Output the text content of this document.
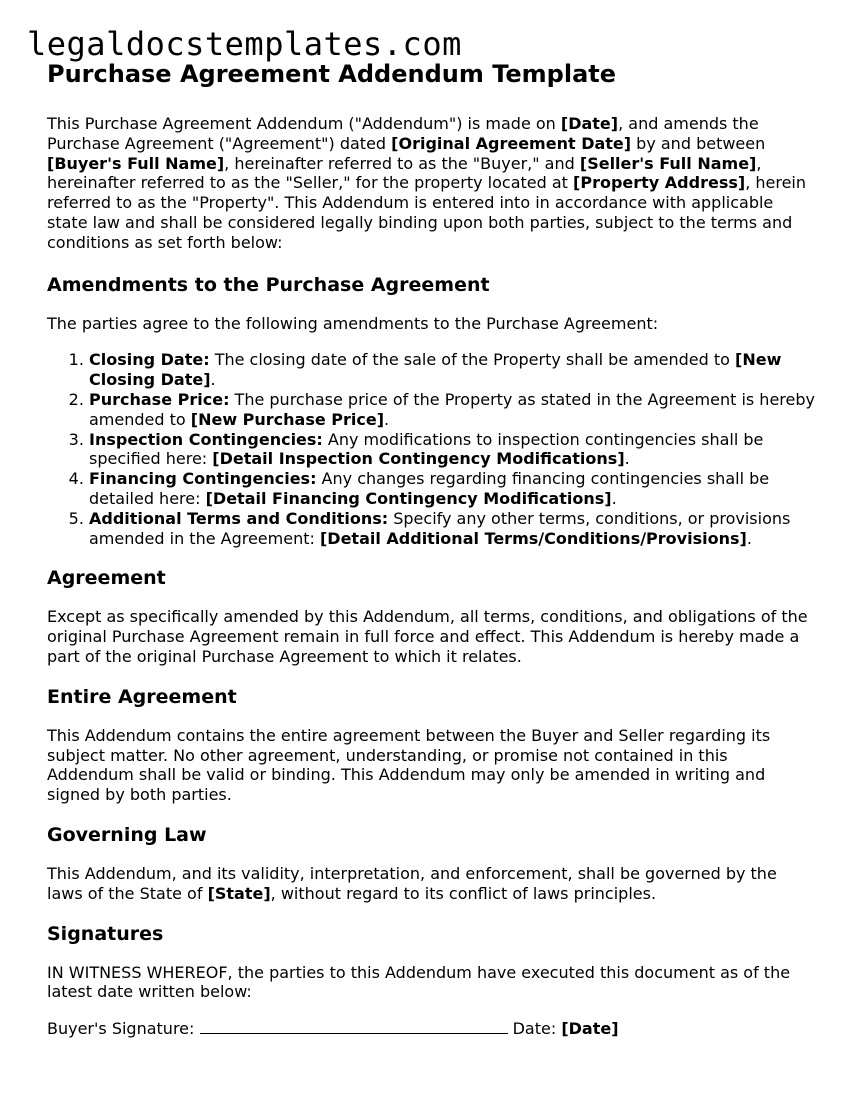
legaldocstemplates.com
Purchase Agreement Addendum Template

This Purchase Agreement Addendum ("Addendum") is made on [Date], and amends the Purchase Agreement ("Agreement") dated [Original Agreement Date] by and between [Buyer's Full Name], hereinafter referred to as the "Buyer," and [Seller's Full Name], hereinafter referred to as the "Seller," for the property located at [Property Address], herein referred to as the "Property". This Addendum is entered into in accordance with applicable state law and shall be considered legally binding upon both parties, subject to the terms and conditions as set forth below:

Amendments to the Purchase Agreement

The parties agree to the following amendments to the Purchase Agreement:

1. Closing Date: The closing date of the sale of the Property shall be amended to [New Closing Date].
2. Purchase Price: The purchase price of the Property as stated in the Agreement is hereby amended to [New Purchase Price].
3. Inspection Contingencies: Any modifications to inspection contingencies shall be specified here: [Detail Inspection Contingency Modifications].
4. Financing Contingencies: Any changes regarding financing contingencies shall be detailed here: [Detail Financing Contingency Modifications].
5. Additional Terms and Conditions: Specify any other terms, conditions, or provisions amended in the Agreement: [Detail Additional Terms/Conditions/Provisions].
Agreement

Except as specifically amended by this Addendum, all terms, conditions, and obligations of the original Purchase Agreement remain in full force and effect. This Addendum is hereby made a part of the original Purchase Agreement to which it relates.

Entire Agreement

This Addendum contains the entire agreement between the Buyer and Seller regarding its subject matter. No other agreement, understanding, or promise not contained in this Addendum shall be valid or binding. This Addendum may only be amended in writing and signed by both parties.

Governing Law

This Addendum, and its validity, interpretation, and enforcement, shall be governed by the laws of the State of [State], without regard to its conflict of laws principles.

Signatures

IN WITNESS WHEREOF, the parties to this Addendum have executed this document as of the latest date written below:

Buyer's Signature:	Date: [Date]
